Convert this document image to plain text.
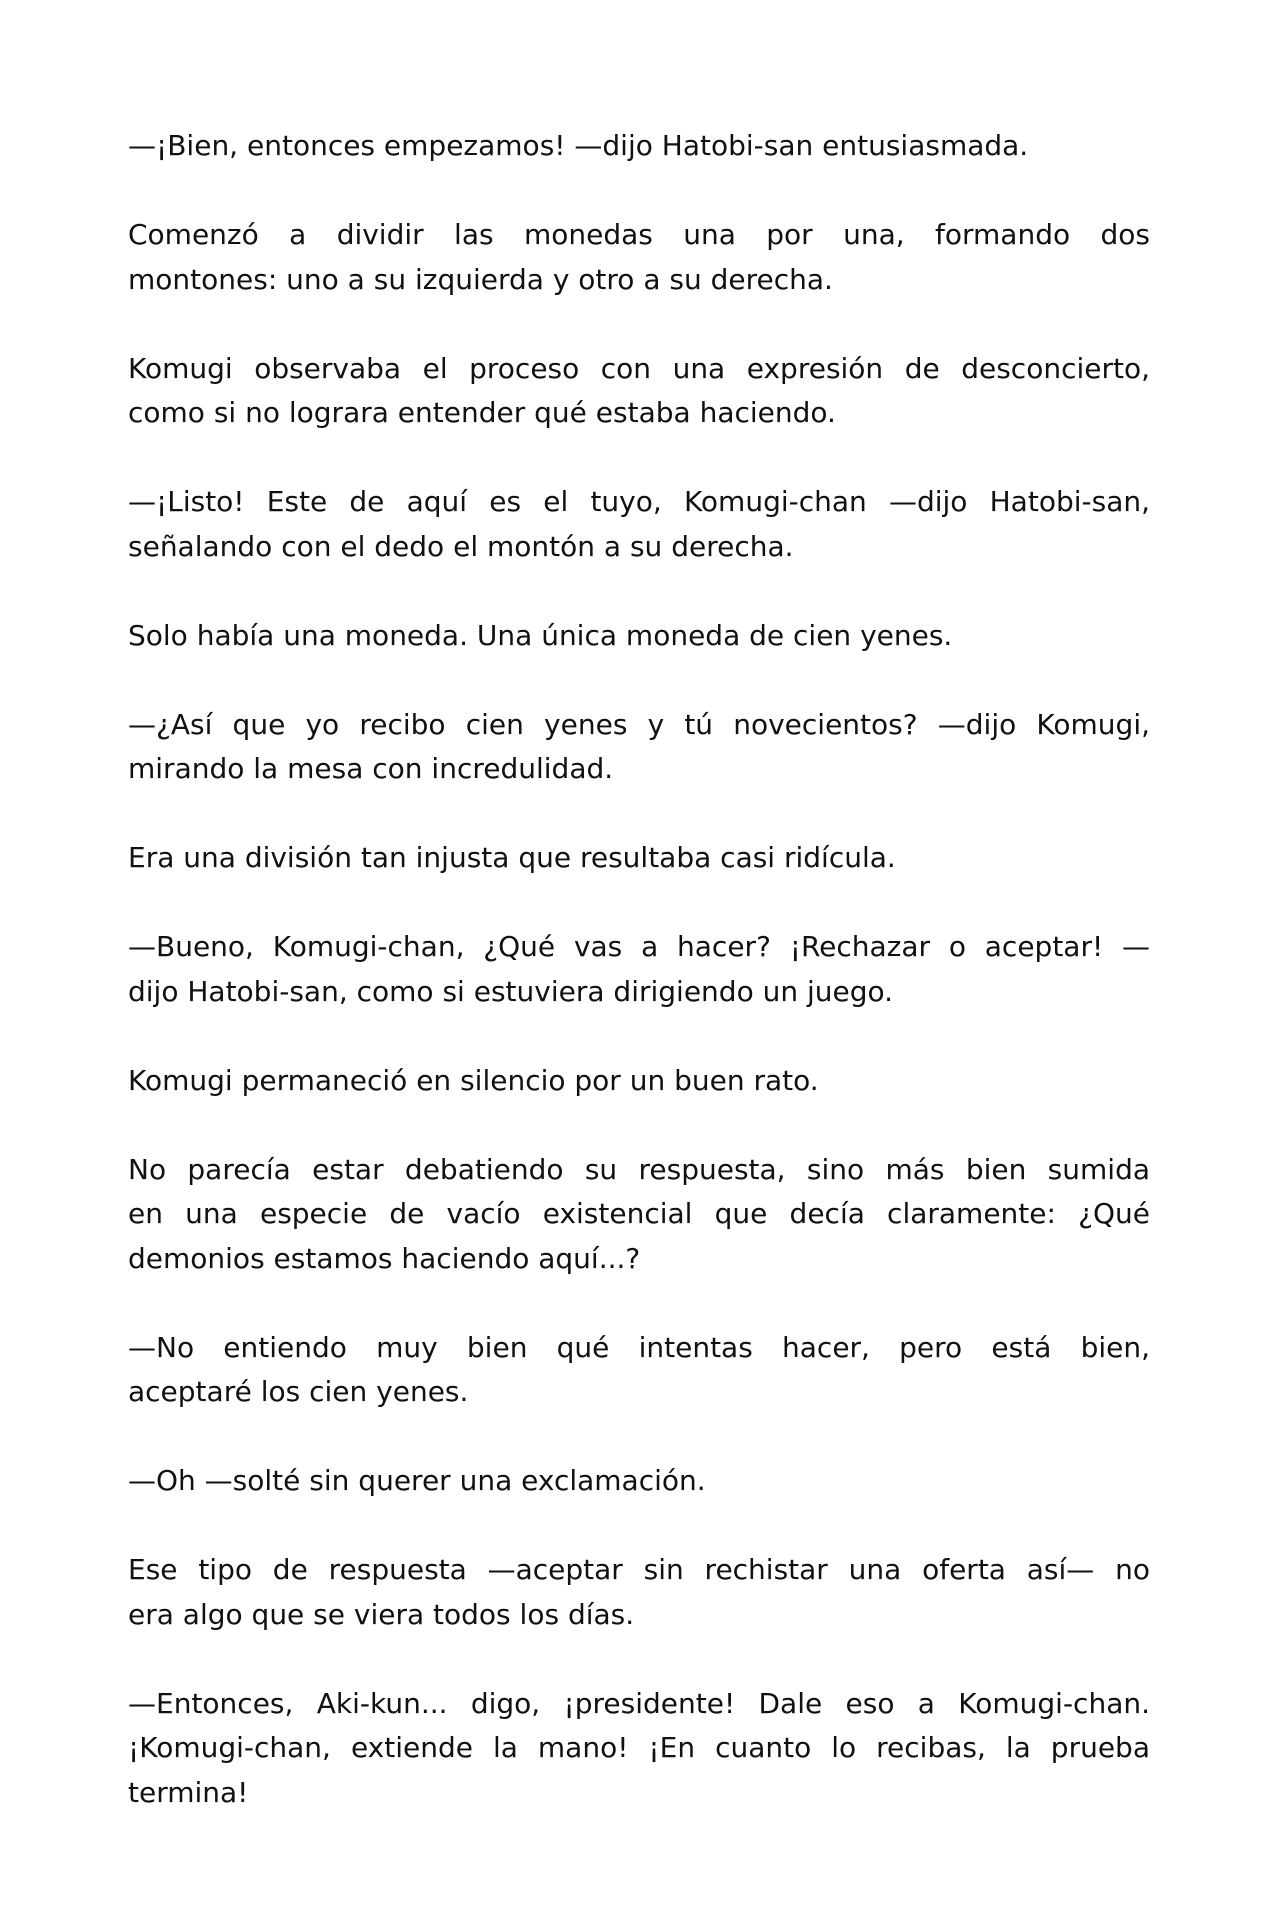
—¡Bien, entonces empezamos! —dijo Hatobi-san entusiasmada.

Comenzó a dividir las monedas una por una, formando dos
montones: uno a su izquierda y otro a su derecha.

Komugi observaba el proceso con una expresión de desconcierto,
como si no lograra entender qué estaba haciendo.

—¡Listo! Este de aquí es el tuyo, Komugi-chan —dijo Hatobi-san,
señalando con el dedo el montón a su derecha.

Solo había una moneda. Una única moneda de cien yenes.

—¿Así que yo recibo cien yenes y tú novecientos? —dijo Komugi,
mirando la mesa con incredulidad.

Era una división tan injusta que resultaba casi ridícula.

—Bueno, Komugi-chan, ¿Qué vas a hacer? ¡Rechazar o aceptar! —
dijo Hatobi-san, como si estuviera dirigiendo un juego.

Komugi permaneció en silencio por un buen rato.

No parecía estar debatiendo su respuesta, sino más bien sumida
en una especie de vacío existencial que decía claramente: ¿Qué
demonios estamos haciendo aquí...?

—No entiendo muy bien qué intentas hacer, pero está bien,
aceptaré los cien yenes.

—Oh —solté sin querer una exclamación.

Ese tipo de respuesta —aceptar sin rechistar una oferta así— no
era algo que se viera todos los días.

—Entonces, Aki-kun... digo, ¡presidente! Dale eso a Komugi-chan.
¡Komugi-chan, extiende la mano! ¡En cuanto lo recibas, la prueba
termina!
